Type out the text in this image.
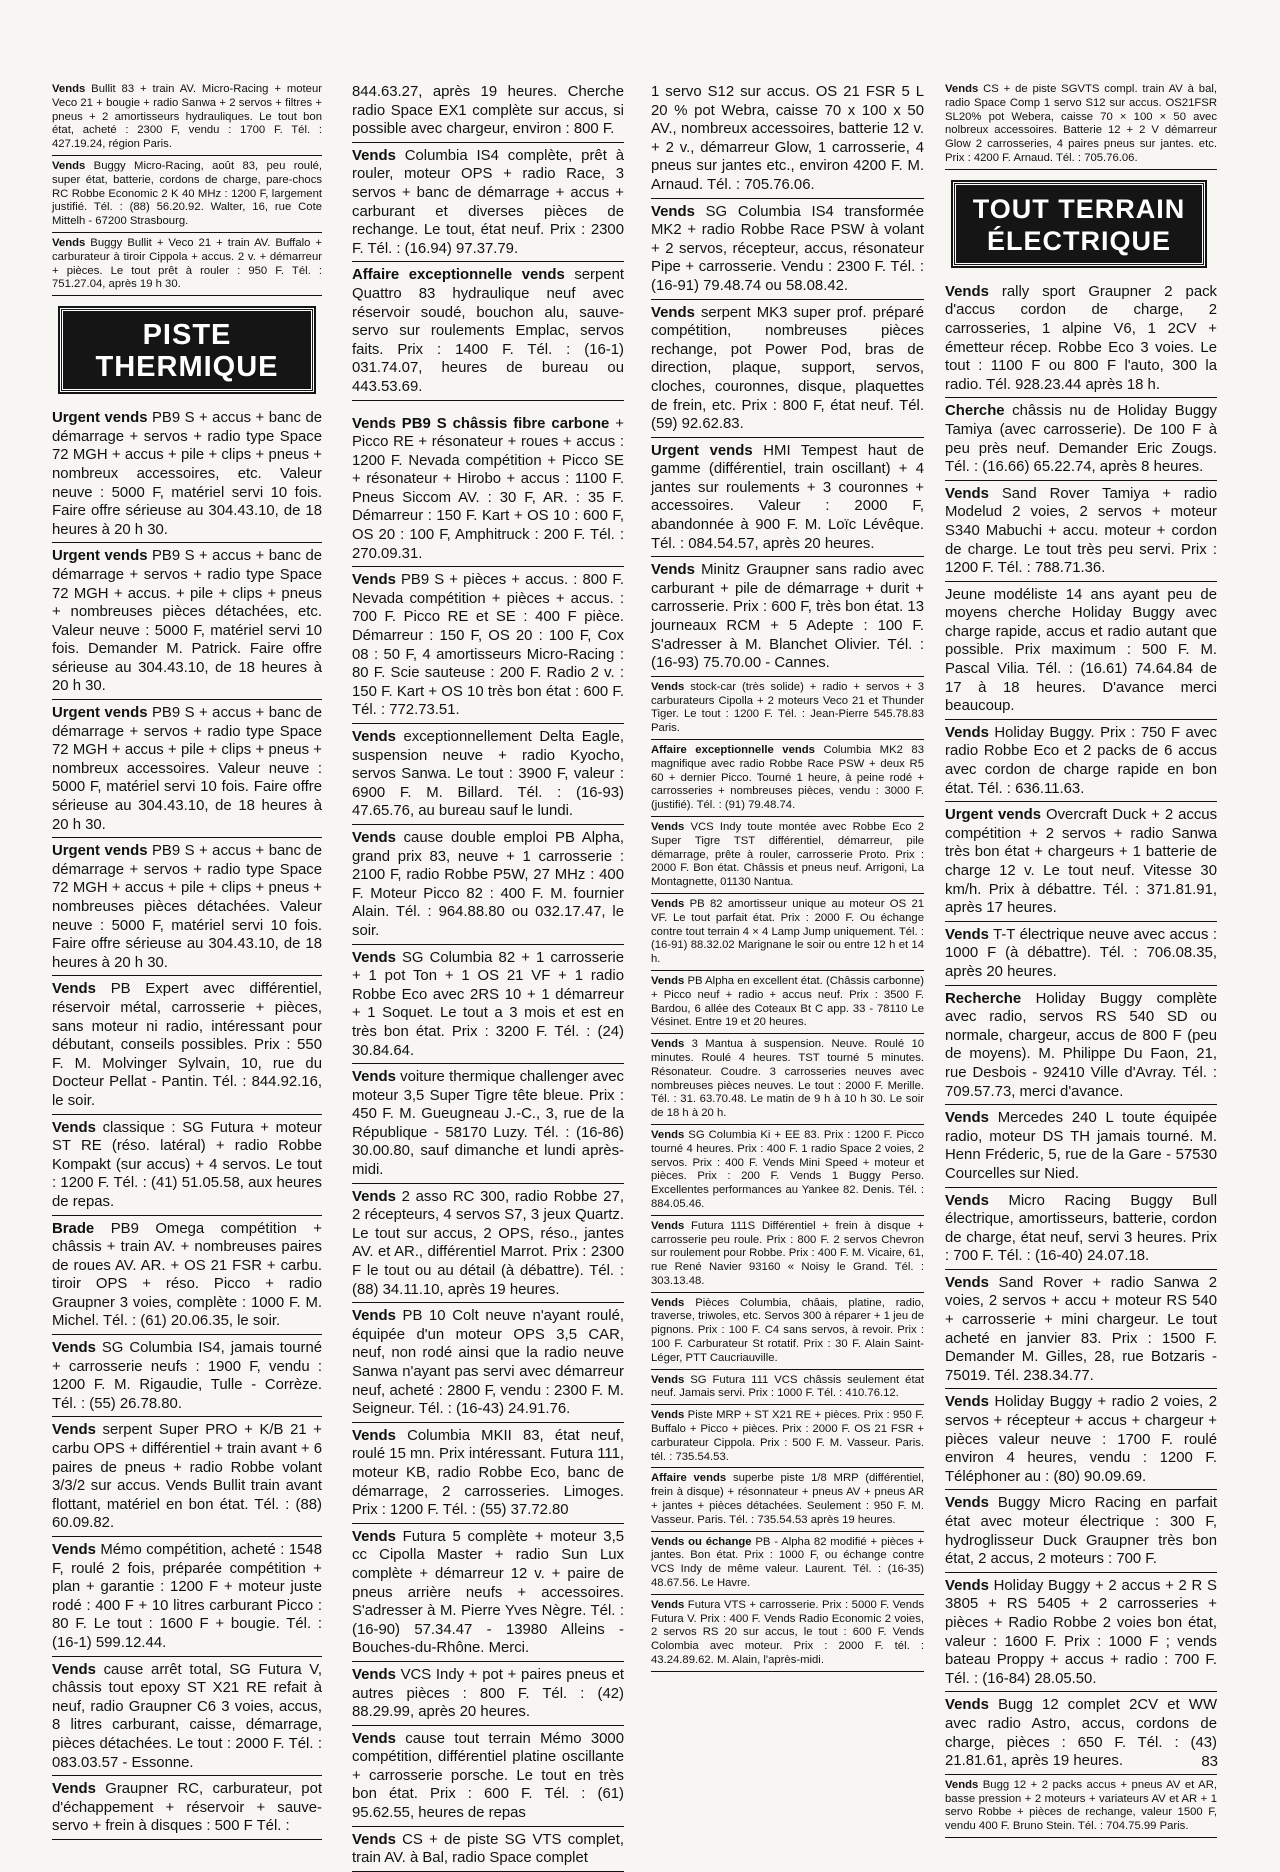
Vends Bullit 83 + train AV. Micro-Racing + moteur Veco 21 + bougie + radio Sanwa + 2 servos + filtres + pneus + 2 amortisseurs hydrauliques. Le tout bon état, acheté : 2300 F, vendu : 1700 F. Tél. : 427.19.24, région Paris.
Vends Buggy Micro-Racing, août 83, peu roulé, super état, batterie, cordons de charge, pare-chocs RC Robbe Economic 2 K 40 MHz : 1200 F, largement justifié. Tél. : (88) 56.20.92. Walter, 16, rue Cote Mittelh - 67200 Strasbourg.
Vends Buggy Bullit + Veco 21 + train AV. Buffalo + carburateur à tiroir Cippola + accus. 2 v. + démarreur + pièces. Le tout prêt à rouler : 950 F. Tél. : 751.27.04, après 19 h 30.
PISTE
THERMIQUE
Urgent vends PB9 S + accus + banc de démarrage + servos + radio type Space 72 MGH + accus + pile + clips + pneus + nombreux accessoires, etc. Valeur neuve : 5000 F, matériel servi 10 fois. Faire offre sérieuse au 304.43.10, de 18 heures à 20 h 30.
Urgent vends PB9 S + accus + banc de démarrage + servos + radio type Space 72 MGH + accus. + pile + clips + pneus + nombreuses pièces détachées, etc. Valeur neuve : 5000 F, matériel servi 10 fois. Demander M. Patrick. Faire offre sérieuse au 304.43.10, de 18 heures à 20 h 30.
Urgent vends PB9 S + accus + banc de démarrage + servos + radio type Space 72 MGH + accus + pile + clips + pneus + nombreux accessoires. Valeur neuve : 5000 F, matériel servi 10 fois. Faire offre sérieuse au 304.43.10, de 18 heures à 20 h 30.
Urgent vends PB9 S + accus + banc de démarrage + servos + radio type Space 72 MGH + accus + pile + clips + pneus + nombreuses pièces détachées. Valeur neuve : 5000 F, matériel servi 10 fois. Faire offre sérieuse au 304.43.10, de 18 heures à 20 h 30.
Vends PB Expert avec différentiel, réservoir métal, carrosserie + pièces, sans moteur ni radio, intéressant pour débutant, conseils possibles. Prix : 550 F. M. Molvinger Sylvain, 10, rue du Docteur Pellat - Pantin. Tél. : 844.92.16, le soir.
Vends classique : SG Futura + moteur ST RE (réso. latéral) + radio Robbe Kompakt (sur accus) + 4 servos. Le tout : 1200 F. Tél. : (41) 51.05.58, aux heures de repas.
Brade PB9 Omega compétition + châssis + train AV. + nombreuses paires de roues AV. AR. + OS 21 FSR + carbu. tiroir OPS + réso. Picco + radio Graupner 3 voies, complète : 1000 F. M. Michel. Tél. : (61) 20.06.35, le soir.
Vends SG Columbia IS4, jamais tourné + carrosserie neufs : 1900 F, vendu : 1200 F. M. Rigaudie, Tulle - Corrèze. Tél. : (55) 26.78.80.
Vends serpent Super PRO + K/B 21 + carbu OPS + différentiel + train avant + 6 paires de pneus + radio Robbe volant 3/3/2 sur accus. Vends Bullit train avant flottant, matériel en bon état. Tél. : (88) 60.09.82.
Vends Mémo compétition, acheté : 1548 F, roulé 2 fois, préparée compétition + plan + garantie : 1200 F + moteur juste rodé : 400 F + 10 litres carburant Picco : 80 F. Le tout : 1600 F + bougie. Tél. : (16-1) 599.12.44.
Vends cause arrêt total, SG Futura V, châssis tout epoxy ST X21 RE refait à neuf, radio Graupner C6 3 voies, accus, 8 litres carburant, caisse, démarrage, pièces détachées. Le tout : 2000 F. Tél. : 083.03.57 - Essonne.
Vends Graupner RC, carburateur, pot d'échappement + réservoir + sauve-servo + frein à disques : 500 F Tél. :
844.63.27, après 19 heures. Cherche radio Space EX1 complète sur accus, si possible avec chargeur, environ : 800 F.
Vends Columbia IS4 complète, prêt à rouler, moteur OPS + radio Race, 3 servos + banc de démarrage + accus + carburant et diverses pièces de rechange. Le tout, état neuf. Prix : 2300 F. Tél. : (16.94) 97.37.79.
Affaire exceptionnelle vends serpent Quattro 83 hydraulique neuf avec réservoir soudé, bouchon alu, sauve-servo sur roulements Emplac, servos faits. Prix : 1400 F. Tél. : (16-1) 031.74.07, heures de bureau ou 443.53.69.
Vends PB9 S châssis fibre carbone + Picco RE + résonateur + roues + accus : 1200 F. Nevada compétition + Picco SE + résonateur + Hirobo + accus : 1100 F. Pneus Siccom AV. : 30 F, AR. : 35 F. Démarreur : 150 F. Kart + OS 10 : 600 F, OS 20 : 100 F, Amphitruck : 200 F. Tél. : 270.09.31.
Vends PB9 S + pièces + accus. : 800 F. Nevada compétition + pièces + accus. : 700 F. Picco RE et SE : 400 F pièce. Démarreur : 150 F, OS 20 : 100 F, Cox 08 : 50 F, 4 amortisseurs Micro-Racing : 80 F. Scie sauteuse : 200 F. Radio 2 v. : 150 F. Kart + OS 10 très bon état : 600 F. Tél. : 772.73.51.
Vends exceptionnellement Delta Eagle, suspension neuve + radio Kyocho, servos Sanwa. Le tout : 3900 F, valeur : 6900 F. M. Billard. Tél. : (16-93) 47.65.76, au bureau sauf le lundi.
Vends cause double emploi PB Alpha, grand prix 83, neuve + 1 carrosserie : 2100 F, radio Robbe P5W, 27 MHz : 400 F. Moteur Picco 82 : 400 F. M. fournier Alain. Tél. : 964.88.80 ou 032.17.47, le soir.
Vends SG Columbia 82 + 1 carrosserie + 1 pot Ton + 1 OS 21 VF + 1 radio Robbe Eco avec 2RS 10 + 1 démarreur + 1 Soquet. Le tout a 3 mois et est en très bon état. Prix : 3200 F. Tél. : (24) 30.84.64.
Vends voiture thermique challenger avec moteur 3,5 Super Tigre tête bleue. Prix : 450 F. M. Gueugneau J.-C., 3, rue de la République - 58170 Luzy. Tél. : (16-86) 30.00.80, sauf dimanche et lundi après-midi.
Vends 2 asso RC 300, radio Robbe 27, 2 récepteurs, 4 servos S7, 3 jeux Quartz. Le tout sur accus, 2 OPS, réso., jantes AV. et AR., différentiel Marrot. Prix : 2300 F le tout ou au détail (à débattre). Tél. : (88) 34.11.10, après 19 heures.
Vends PB 10 Colt neuve n'ayant roulé, équipée d'un moteur OPS 3,5 CAR, neuf, non rodé ainsi que la radio neuve Sanwa n'ayant pas servi avec démarreur neuf, acheté : 2800 F, vendu : 2300 F. M. Seigneur. Tél. : (16-43) 24.91.76.
Vends Columbia MKII 83, état neuf, roulé 15 mn. Prix intéressant. Futura 111, moteur KB, radio Robbe Eco, banc de démarrage, 2 carrosseries. Limoges. Prix : 1200 F. Tél. : (55) 37.72.80
Vends Futura 5 complète + moteur 3,5 cc Cipolla Master + radio Sun Lux complète + démarreur 12 v. + paire de pneus arrière neufs + accessoires. S'adresser à M. Pierre Yves Nègre. Tél. : (16-90) 57.34.47 - 13980 Alleins - Bouches-du-Rhône. Merci.
Vends VCS Indy + pot + paires pneus et autres pièces : 800 F. Tél. : (42) 88.29.99, après 20 heures.
Vends cause tout terrain Mémo 3000 compétition, différentiel platine oscillante + carrosserie porsche. Le tout en très bon état. Prix : 600 F. Tél. : (61) 95.62.55, heures de repas
Vends CS + de piste SG VTS complet, train AV. à Bal, radio Space complet
1 servo S12 sur accus. OS 21 FSR 5 L 20 % pot Webra, caisse 70 x 100 x 50 AV., nombreux accessoires, batterie 12 v. + 2 v., démarreur Glow, 1 carrosserie, 4 pneus sur jantes etc., environ 4200 F. M. Arnaud. Tél. : 705.76.06.
Vends SG Columbia IS4 transformée MK2 + radio Robbe Race PSW à volant + 2 servos, récepteur, accus, résonateur Pipe + carrosserie. Vendu : 2300 F. Tél. : (16-91) 79.48.74 ou 58.08.42.
Vends serpent MK3 super prof. préparé compétition, nombreuses pièces rechange, pot Power Pod, bras de direction, plaque, support, servos, cloches, couronnes, disque, plaquettes de frein, etc. Prix : 800 F, état neuf. Tél. (59) 92.62.83.
Urgent vends HMI Tempest haut de gamme (différentiel, train oscillant) + 4 jantes sur roulements + 3 couronnes + accessoires. Valeur : 2000 F, abandonnée à 900 F. M. Loïc Lévêque. Tél. : 084.54.57, après 20 heures.
Vends Minitz Graupner sans radio avec carburant + pile de démarrage + durit + carrosserie. Prix : 600 F, très bon état. 13 journeaux RCM + 5 Adepte : 100 F. S'adresser à M. Blanchet Olivier. Tél. : (16-93) 75.70.00 - Cannes.
Vends stock-car (très solide) + radio + servos + 3 carburateurs Cipolla + 2 moteurs Veco 21 et Thunder Tiger. Le tout : 1200 F. Tél. : Jean-Pierre 545.78.83 Paris.
Affaire exceptionnelle vends Columbia MK2 83 magnifique avec radio Robbe Race PSW + deux R5 60 + dernier Picco. Tourné 1 heure, à peine rodé + carrosseries + nombreuses pièces, vendu : 3000 F. (justifié). Tél. : (91) 79.48.74.
Vends VCS Indy toute montée avec Robbe Eco 2 Super Tigre TST différentiel, démarreur, pile démarrage, prête à rouler, carrosserie Proto. Prix : 2000 F. Bon état. Châssis et pneus neuf. Arrigoni, La Montagnette, 01130 Nantua.
Vends PB 82 amortisseur unique au moteur OS 21 VF. Le tout parfait état. Prix : 2000 F. Ou échange contre tout terrain 4 × 4 Lamp Jump uniquement. Tél. : (16-91) 88.32.02 Marignane le soir ou entre 12 h et 14 h.
Vends PB Alpha en excellent état. (Châssis carbonne) + Picco neuf + radio + accus neuf. Prix : 3500 F. Bardou, 6 allée des Coteaux Bt C app. 33 - 78110 Le Vésinet. Entre 19 et 20 heures.
Vends 3 Mantua à suspension. Neuve. Roulé 10 minutes. Roulé 4 heures. TST tourné 5 minutes. Résonateur. Coudre. 3 carrosseries neuves avec nombreuses pièces neuves. Le tout : 2000 F. Merille. Tél. : 31. 63.70.48. Le matin de 9 h à 10 h 30. Le soir de 18 h à 20 h.
Vends SG Columbia Ki + EE 83. Prix : 1200 F. Picco tourné 4 heures. Prix : 400 F. 1 radio Space 2 voies, 2 servos. Prix : 400 F. Vends Mini Speed + moteur et pièces. Prix : 200 F. Vends 1 Buggy Perso. Excellentes performances au Yankee 82. Denis. Tél. : 884.05.46.
Vends Futura 111S Différentiel + frein à disque + carrosserie peu roule. Prix : 800 F. 2 servos Chevron sur roulement pour Robbe. Prix : 400 F. M. Vicaire, 61, rue René Navier 93160 « Noisy le Grand. Tél. : 303.13.48.
Vends Pièces Columbia, châais, platine, radio, traverse, triwoles, etc. Servos 300 à réparer + 1 jeu de pignons. Prix : 100 F. C4 sans servos, à revoir. Prix : 100 F. Carburateur St rotatif. Prix : 30 F. Alain Saint-Léger, PTT Caucriauville.
Vends SG Futura 111 VCS châssis seulement état neuf. Jamais servi. Prix : 1000 F. Tél. : 410.76.12.
Vends Piste MRP + ST X21 RE + pièces. Prix : 950 F. Buffalo + Picco + pièces. Prix : 2000 F. OS 21 FSR + carburateur Cippola. Prix : 500 F. M. Vasseur. Paris. tél. : 735.54.53.
Affaire vends superbe piste 1/8 MRP (différentiel, frein à disque) + résonnateur + pneus AV + pneus AR + jantes + pièces détachées. Seulement : 950 F. M. Vasseur. Paris. Tél. : 735.54.53 après 19 heures.
Vends ou échange PB - Alpha 82 modifié + pièces + jantes. Bon état. Prix : 1000 F, ou échange contre VCS Indy de même valeur. Laurent. Tél. : (16-35) 48.67.56. Le Havre.
Vends Futura VTS + carrosserie. Prix : 5000 F. Vends Futura V. Prix : 400 F. Vends Radio Economic 2 voies, 2 servos RS 20 sur accus, le tout : 600 F. Vends Colombia avec moteur. Prix : 2000 F. tél. : 43.24.89.62. M. Alain, l'après-midi.
Vends CS + de piste SGVTS compl. train AV à bal, radio Space Comp 1 servo S12 sur accus. OS21FSR SL20% pot Webera, caisse 70 × 100 × 50 avec nolbreux accessoires. Batterie 12 + 2 V démarreur Glow 2 carrosseries, 4 paires pneus sur jantes. etc. Prix : 4200 F. Arnaud. Tél. : 705.76.06.
TOUT TERRAIN
ÉLECTRIQUE
Vends rally sport Graupner 2 pack d'accus cordon de charge, 2 carrosseries, 1 alpine V6, 1 2CV + émetteur récep. Robbe Eco 3 voies. Le tout : 1100 F ou 800 F l'auto, 300 la radio. Tél. 928.23.44 après 18 h.
Cherche châssis nu de Holiday Buggy Tamiya (avec carrosserie). De 100 F à peu près neuf. Demander Eric Zougs. Tél. : (16.66) 65.22.74, après 8 heures.
Vends Sand Rover Tamiya + radio Modelud 2 voies, 2 servos + moteur S340 Mabuchi + accu. moteur + cordon de charge. Le tout très peu servi. Prix : 1200 F. Tél. : 788.71.36.
Jeune modéliste 14 ans ayant peu de moyens cherche Holiday Buggy avec charge rapide, accus et radio autant que possible. Prix maximum : 500 F. M. Pascal Vilia. Tél. : (16.61) 74.64.84 de 17 à 18 heures. D'avance merci beaucoup.
Vends Holiday Buggy. Prix : 750 F avec radio Robbe Eco et 2 packs de 6 accus avec cordon de charge rapide en bon état. Tél. : 636.11.63.
Urgent vends Overcraft Duck + 2 accus compétition + 2 servos + radio Sanwa très bon état + chargeurs + 1 batterie de charge 12 v. Le tout neuf. Vitesse 30 km/h. Prix à débattre. Tél. : 371.81.91, après 17 heures.
Vends T-T électrique neuve avec accus : 1000 F (à débattre). Tél. : 706.08.35, après 20 heures.
Recherche Holiday Buggy complète avec radio, servos RS 540 SD ou normale, chargeur, accus de 800 F (peu de moyens). M. Philippe Du Faon, 21, rue Desbois - 92410 Ville d'Avray. Tél. : 709.57.73, merci d'avance.
Vends Mercedes 240 L toute équipée radio, moteur DS TH jamais tourné. M. Henn Fréderic, 5, rue de la Gare - 57530 Courcelles sur Nied.
Vends Micro Racing Buggy Bull électrique, amortisseurs, batterie, cordon de charge, état neuf, servi 3 heures. Prix : 700 F. Tél. : (16-40) 24.07.18.
Vends Sand Rover + radio Sanwa 2 voies, 2 servos + accu + moteur RS 540 + carrosserie + mini chargeur. Le tout acheté en janvier 83. Prix : 1500 F. Demander M. Gilles, 28, rue Botzaris - 75019. Tél. 238.34.77.
Vends Holiday Buggy + radio 2 voies, 2 servos + récepteur + accus + chargeur + pièces valeur neuve : 1700 F. roulé environ 4 heures, vendu : 1200 F. Téléphoner au : (80) 90.09.69.
Vends Buggy Micro Racing en parfait état avec moteur électrique : 300 F, hydroglisseur Duck Graupner très bon état, 2 accus, 2 moteurs : 700 F.
Vends Holiday Buggy + 2 accus + 2 R S 3805 + RS 5405 + 2 carrosseries + pièces + Radio Robbe 2 voies bon état, valeur : 1600 F. Prix : 1000 F ; vends bateau Proppy + accus + radio : 700 F. Tél. : (16-84) 28.05.50.
Vends Bugg 12 complet 2CV et WW avec radio Astro, accus, cordons de charge, pièces : 650 F. Tél. : (43) 21.81.61, après 19 heures.
Vends Bugg 12 + 2 packs accus + pneus AV et AR, basse pression + 2 moteurs + variateurs AV et AR + 1 servo Robbe + pièces de rechange, valeur 1500 F, vendu 400 F. Bruno Stein. Tél. : 704.75.99 Paris.
83
